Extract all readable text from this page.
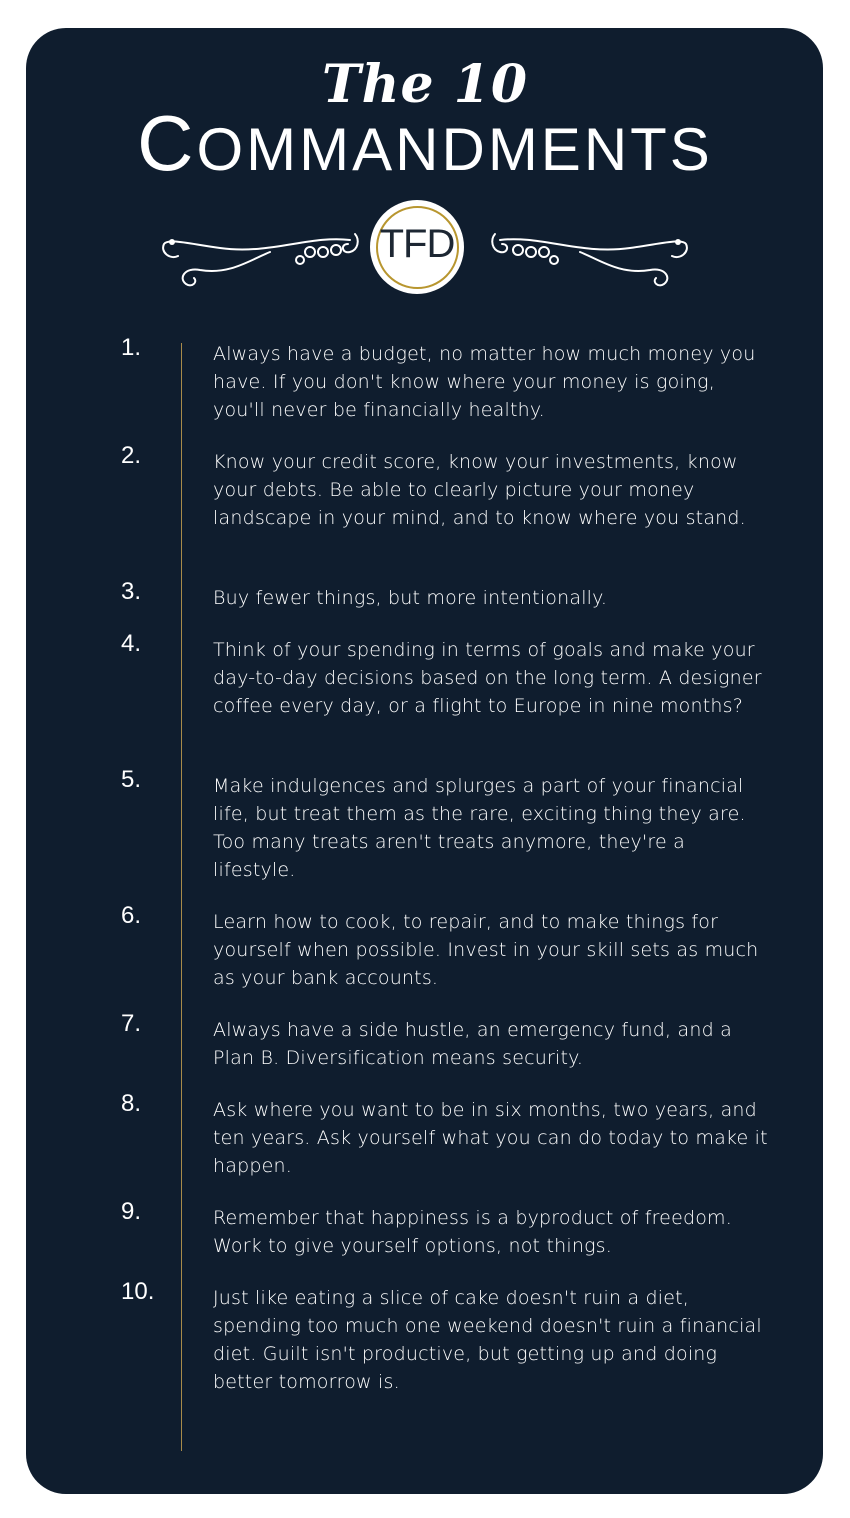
The 10
COMMANDMENTS
TFD
1.	Always have a budget, no matter how much money you have. If you don't know where your money is going, you'll never be financially healthy.
2.	Know your credit score, know your investments, know your debts. Be able to clearly picture your money landscape in your mind, and to know where you stand.
3.	Buy fewer things, but more intentionally.
4.	Think of your spending in terms of goals and make your day-to-day decisions based on the long term. A designer coffee every day, or a flight to Europe in nine months?
5.	Make indulgences and splurges a part of your financial life, but treat them as the rare, exciting thing they are. Too many treats aren't treats anymore, they're a lifestyle.
6.	Learn how to cook, to repair, and to make things for yourself when possible. Invest in your skill sets as much as your bank accounts.
7.	Always have a side hustle, an emergency fund, and a Plan B. Diversification means security.
8.	Ask where you want to be in six months, two years, and ten years. Ask yourself what you can do today to make it happen.
9.	Remember that happiness is a byproduct of freedom. Work to give yourself options, not things.
10.	Just like eating a slice of cake doesn't ruin a diet, spending too much one weekend doesn't ruin a financial diet. Guilt isn't productive, but getting up and doing better tomorrow is.
